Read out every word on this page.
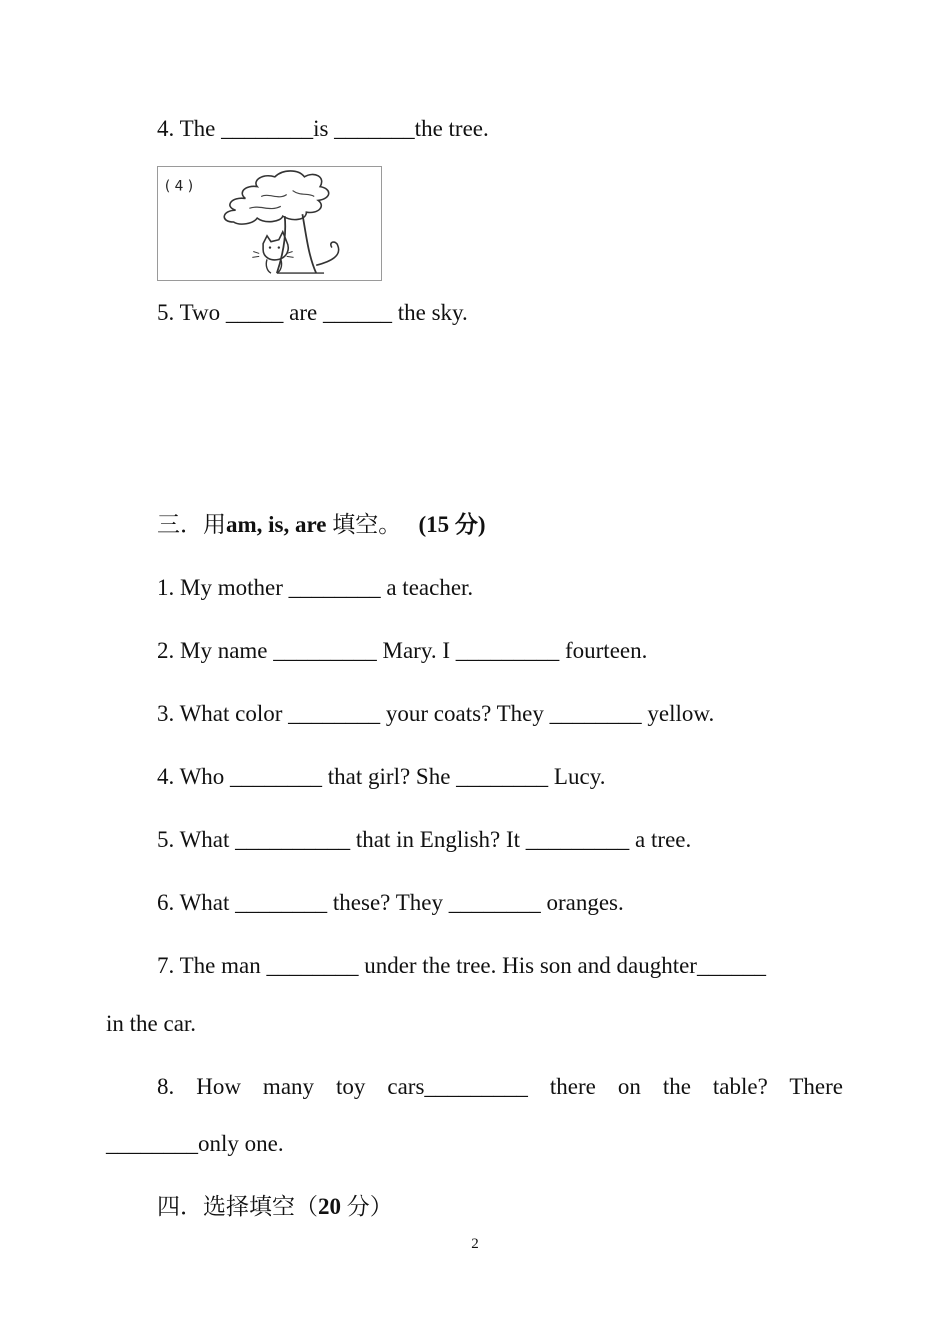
4. The ________is _______the tree.
( 4 )
5. Two _____ are ______ the sky.
三．用am, is, are 填空。   (15 分)
1. My mother ________ a teacher.
2. My name _________ Mary. I _________ fourteen.
3. What color ________ your coats? They ________ yellow.
4. Who ________ that girl? She ________ Lucy.
5. What __________ that in English? It _________ a tree.
6. What ________ these? They ________ oranges.
7. The man ________ under the tree. His son and daughter______
in the car.
8. How many toy cars_________ there on the table? There
________only one.
四．选择填空（20 分）
2
